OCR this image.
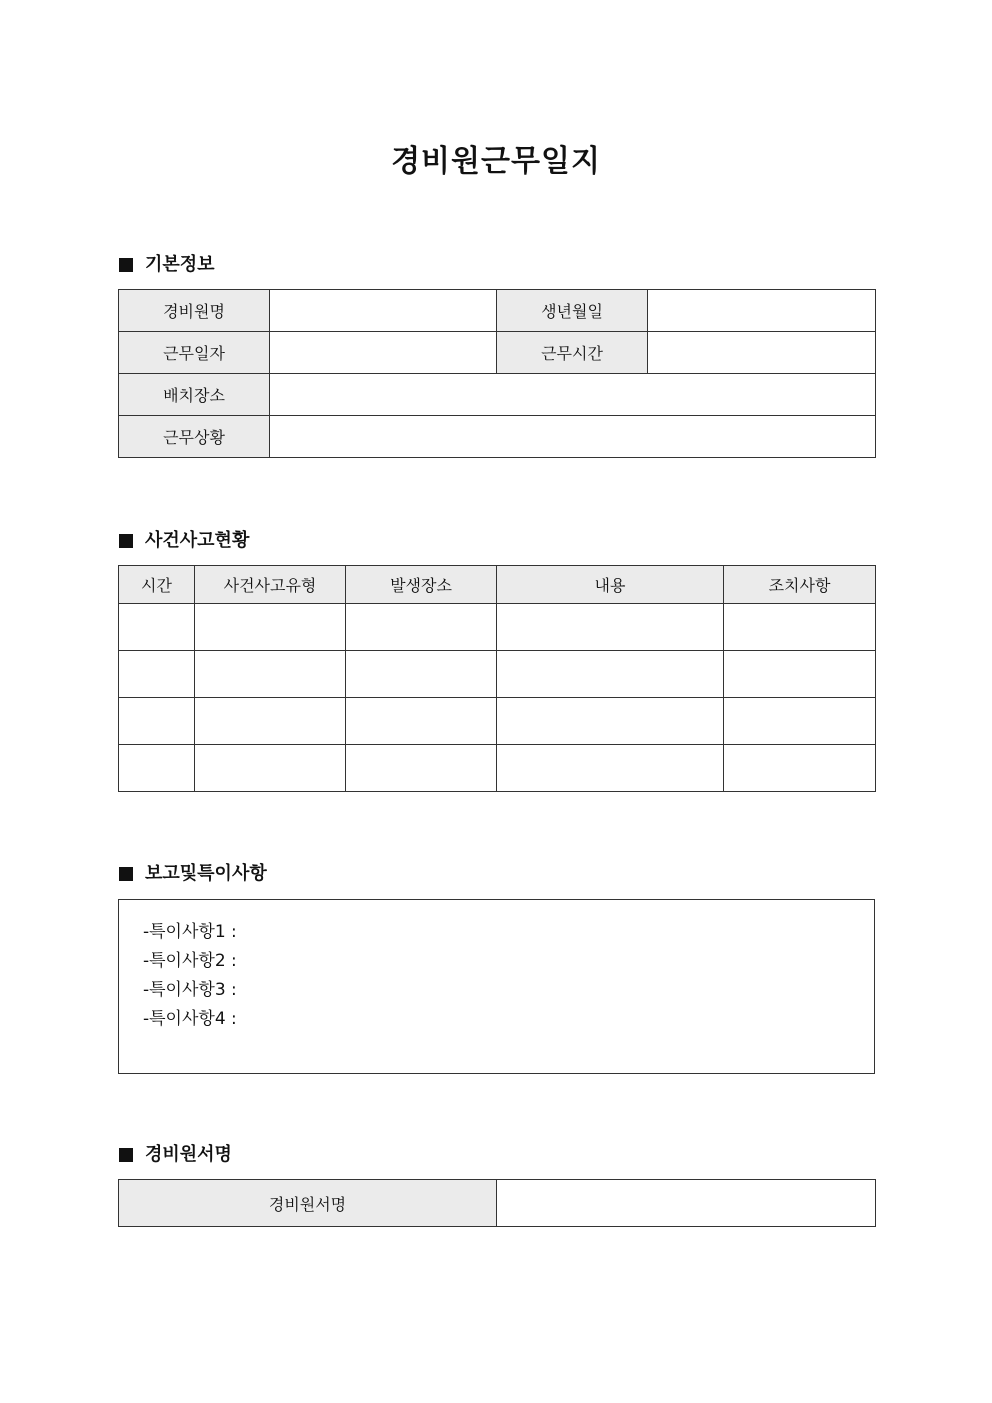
경비원근무일지
기본정보
경비원명		생년월일	
근무일자		근무시간	
배치장소			
근무상황			
사건사고현황
시간	사건사고유형	발생장소	내용	조치사항

보고및특이사항
-특이사항1 :
-특이사항2 :
-특이사항3 :
-특이사항4 :
경비원서명
경비원서명	
